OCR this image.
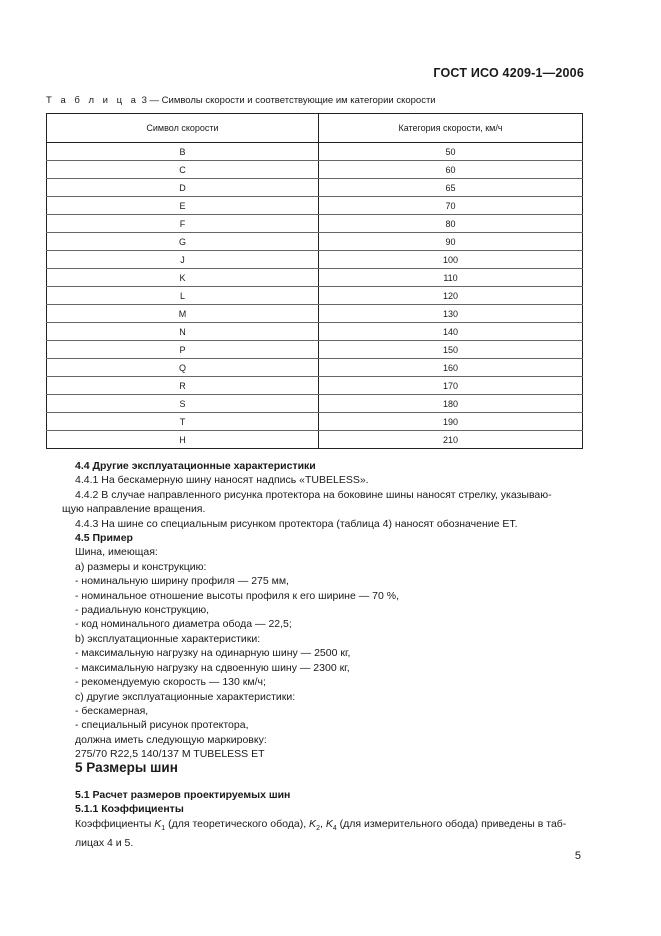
ГОСТ ИСО 4209-1—2006
Т а б л и ц а 3 — Символы скорости и соответствующие им категории скорости
Символ скорости	Категория скорости, км/ч
B	50
C	60
D	65
E	70
F	80
G	90
J	100
K	110
L	120
M	130
N	140
P	150
Q	160
R	170
S	180
T	190
H	210

4.4 Другие эксплуатационные характеристики

4.4.1 На бескамерную шину наносят надпись «TUBELESS».

4.4.2 В случае направленного рисунка протектора на боковине шины наносят стрелку, указываю-

щую направление вращения.

4.4.3 На шине со специальным рисунком протектора (таблица 4) наносят обозначение ET.

4.5 Пример

Шина, имеющая:

а) размеры и конструкцию:

- номинальную ширину профиля — 275 мм,

- номинальное отношение высоты профиля к его ширине — 70 %,

- радиальную конструкцию,

- код номинального диаметра обода — 22,5;

b) эксплуатационные характеристики:

- максимальную нагрузку на одинарную шину — 2500 кг,

- максимальную нагрузку на сдвоенную шину — 2300 кг,

- рекомендуемую скорость — 130 км/ч;

c) другие эксплуатационные характеристики:

- бескамерная,

- специальный рисунок протектора,

должна иметь следующую маркировку:

275/70 R22,5 140/137 M TUBELESS ET

5 Размеры шин

5.1 Расчет размеров проектируемых шин

5.1.1 Коэффициенты

Коэффициенты $K_1$ (для теоретического обода), $K_2$, $K_4$ (для измерительного обода) приведены в таб-

лицах 4 и 5.

5
